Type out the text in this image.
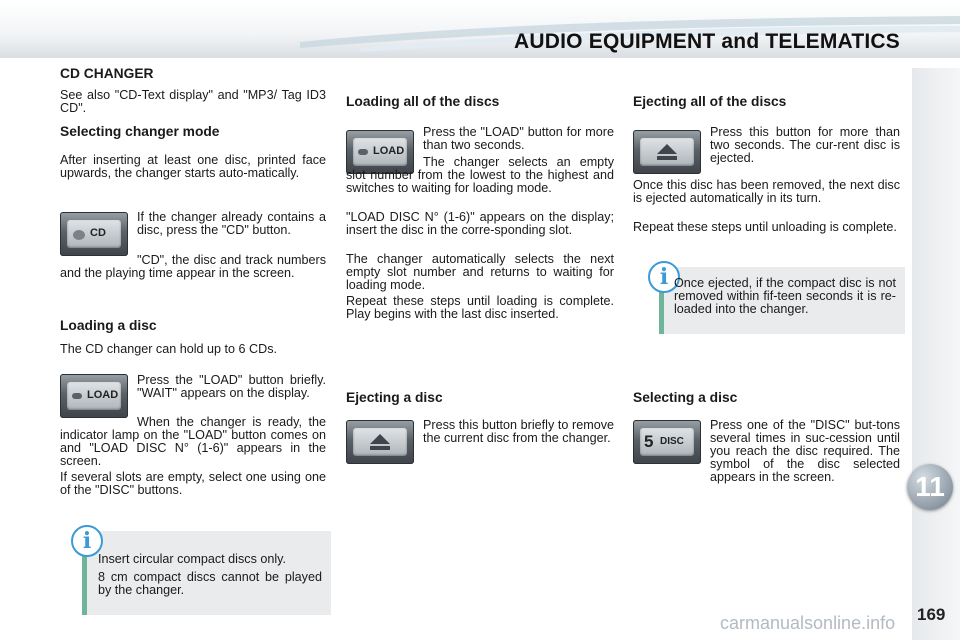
AUDIO EQUIPMENT and TELEMATICS
11
169
carmanualsonline.info
CD CHANGER
See also "CD-Text display" and "MP3/ Tag ID3 CD".
Selecting changer mode
After inserting at least one disc, printed face upwards, the changer starts auto-matically.
CD
If the changer already contains a disc, press the "CD" button.
"CD", the disc and track numbers and the playing time appear in the screen.
Loading a disc
The CD changer can hold up to 6 CDs.
LOAD
Press the "LOAD" button briefly. "WAIT" appears on the display.
When the changer is ready, the indicator lamp on the "LOAD" button comes on and "LOAD DISC N° (1-6)" appears in the screen.
If several slots are empty, select one using one of the "DISC" buttons.
i

Insert circular compact discs only.

8 cm compact discs cannot be played by the changer.

Loading all of the discs
LOAD
Press the "LOAD" button for more than two seconds.
The changer selects an empty slot number from the lowest to the highest and switches to waiting for loading mode.
"LOAD DISC N° (1-6)" appears on the display; insert the disc in the corre-sponding slot.
The changer automatically selects the next empty slot number and returns to waiting for loading mode.
Repeat these steps until loading is complete. Play begins with the last disc inserted.
Ejecting a disc
Press this button briefly to remove the current disc from the changer.
Ejecting all of the discs
Press this button for more than two seconds. The cur-rent disc is ejected.
Once this disc has been removed, the next disc is ejected automatically in its turn.
Repeat these steps until unloading is complete.
i Once ejected, if the compact disc is not removed within fif-teen seconds it is re-loaded into the changer.
Selecting a disc
5 DISC
Press one of the "DISC" but-tons several times in suc-cession until you reach the disc required. The symbol of the disc selected appears in the screen.
